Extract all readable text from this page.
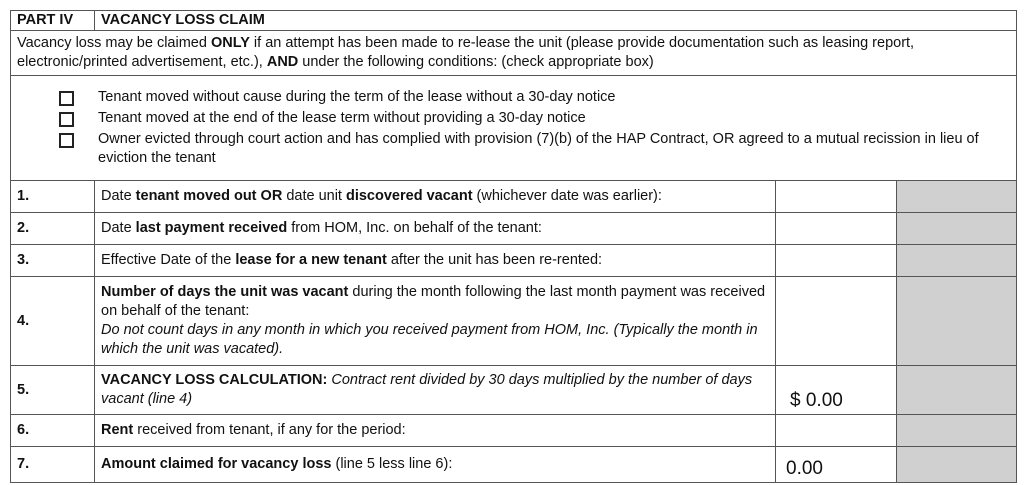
PART IV	VACANCY LOSS CLAIM		
Vacancy loss may be claimed ONLY if an attempt has been made to re-lease the unit (please provide documentation such as leasing report, electronic/printed advertisement, etc.), AND under the following conditions: (check appropriate box)			

Tenant moved without cause during the term of the lease without a 30-day notice
Tenant moved at the end of the lease term without providing a 30-day notice
Owner evicted through court action and has complied with provision (7)(b) of the HAP Contract, OR agreed to a mutual recission in lieu of eviction the tenant			

1.	Date tenant moved out OR date unit discovered vacant (whichever date was earlier):		
2.	Date last payment received from HOM, Inc. on behalf of the tenant:		
3.	Effective Date of the lease for a new tenant after the unit has been re-rented:		
4.	Number of days the unit was vacant during the month following the last month payment was received on behalf of the tenant:
Do not count days in any month in which you received payment from HOM, Inc. (Typically the month in which the unit was vacated).		
5.	VACANCY LOSS CALCULATION: Contract rent divided by 30 days multiplied by the number of days vacant (line 4)	$ 0.00	
6.	Rent received from tenant, if any for the period:		
7.	Amount claimed for vacancy loss (line 5 less line 6):	0.00	
